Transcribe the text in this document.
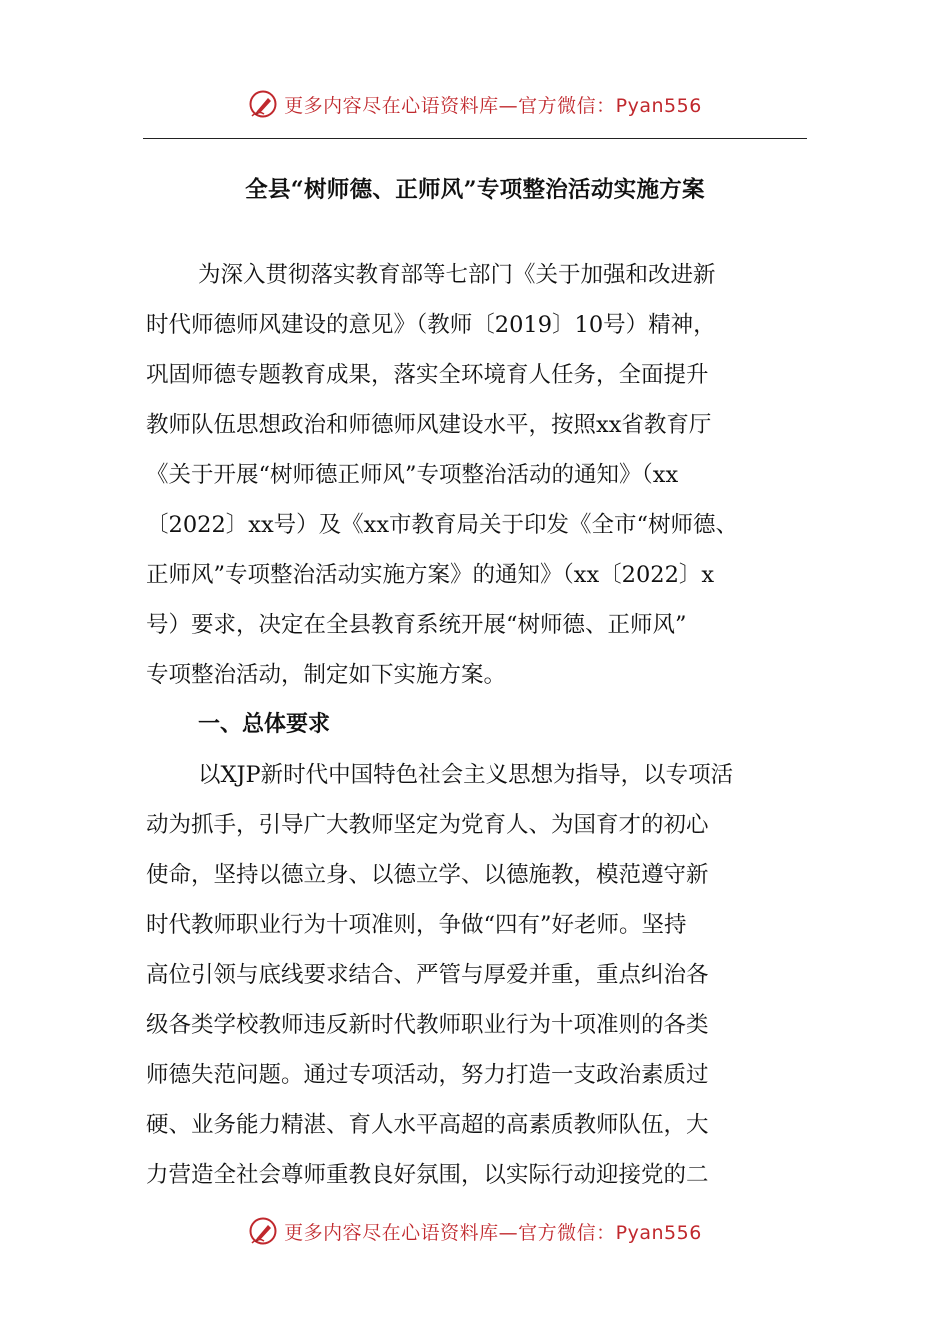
更多内容尽在心语资料库—官方微信：Pyan556
全县“树师德、正师风”专项整治活动实施方案
为深入贯彻落实教育部等七部门《关于加强和改进新
时代师德师风建设的意见》（教师〔2019〕10号）精神，
巩固师德专题教育成果，落实全环境育人任务，全面提升
教师队伍思想政治和师德师风建设水平，按照xx省教育厅
《关于开展“树师德正师风”专项整治活动的通知》（xx
〔2022〕xx号）及《xx市教育局关于印发《全市“树师德、
正师风”专项整治活动实施方案》的通知》（xx〔2022〕x
号）要求，决定在全县教育系统开展“树师德、正师风”
专项整治活动，制定如下实施方案。
一、总体要求
以XJP新时代中国特色社会主义思想为指导，以专项活
动为抓手，引导广大教师坚定为党育人、为国育才的初心
使命，坚持以德立身、以德立学、以德施教，模范遵守新
时代教师职业行为十项准则，争做“四有”好老师。坚持
高位引领与底线要求结合、严管与厚爱并重，重点纠治各
级各类学校教师违反新时代教师职业行为十项准则的各类
师德失范问题。通过专项活动，努力打造一支政治素质过
硬、业务能力精湛、育人水平高超的高素质教师队伍，大
力营造全社会尊师重教良好氛围，以实际行动迎接党的二
更多内容尽在心语资料库—官方微信：Pyan556
